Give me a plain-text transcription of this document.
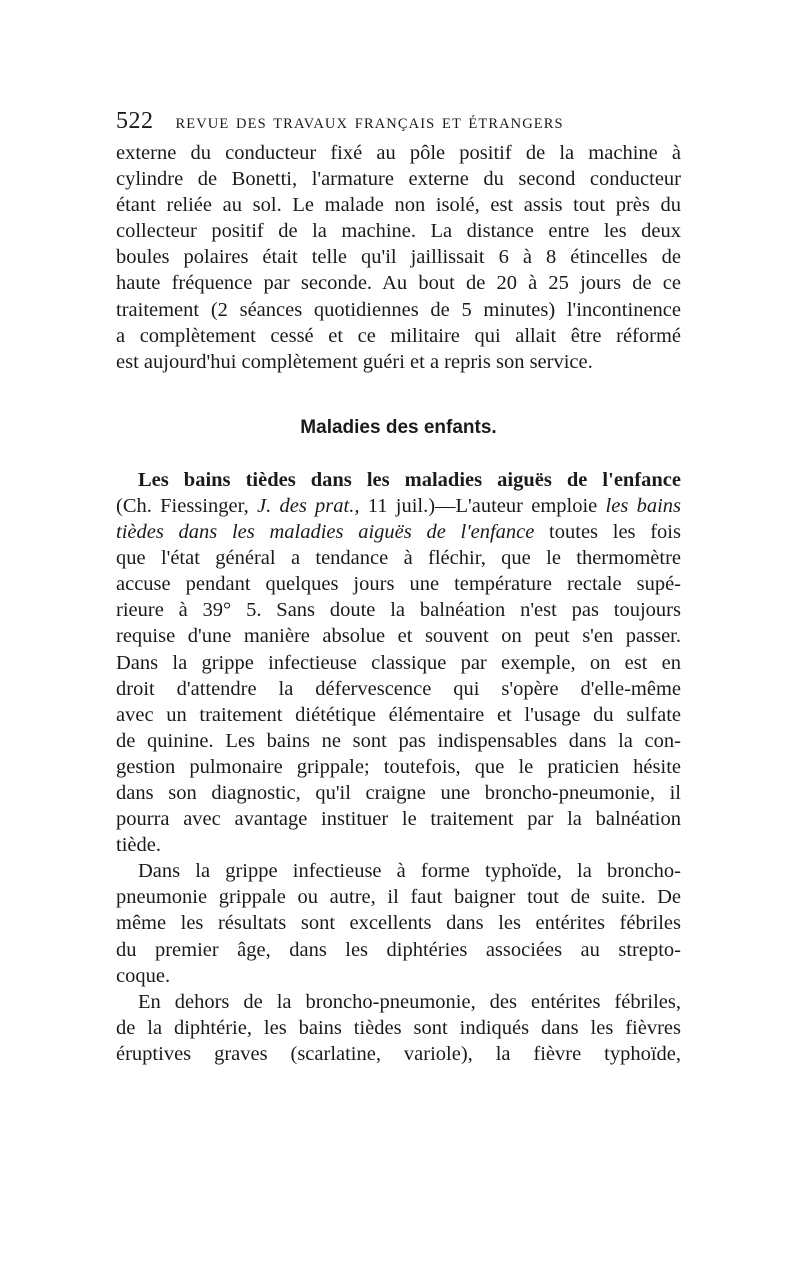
522 REVUE DES TRAVAUX FRANÇAIS ET ÉTRANGERS
externe du conducteur fixé au pôle positif de la machine à
cylindre de Bonetti, l'armature externe du second conducteur
étant reliée au sol. Le malade non isolé, est assis tout près du
collecteur positif de la machine. La distance entre les deux
boules polaires était telle qu'il jaillissait 6 à 8 étincelles de
haute fréquence par seconde. Au bout de 20 à 25 jours de ce
traitement (2 séances quotidiennes de 5 minutes) l'incontinence
a complètement cessé et ce militaire qui allait être réformé
est aujourd'hui complètement guéri et a repris son service.
Maladies des enfants.
Les bains tièdes dans les maladies aiguës de l'enfance
(Ch. Fiessinger, J. des prat., 11 juil.)—L'auteur emploie les bains
tièdes dans les maladies aiguës de l'enfance toutes les fois
que l'état général a tendance à fléchir, que le thermomètre
accuse pendant quelques jours une température rectale supé-
rieure à 39° 5. Sans doute la balnéation n'est pas toujours
requise d'une manière absolue et souvent on peut s'en passer.
Dans la grippe infectieuse classique par exemple, on est en
droit d'attendre la défervescence qui s'opère d'elle-même
avec un traitement diététique élémentaire et l'usage du sulfate
de quinine. Les bains ne sont pas indispensables dans la con-
gestion pulmonaire grippale; toutefois, que le praticien hésite
dans son diagnostic, qu'il craigne une broncho-pneumonie, il
pourra avec avantage instituer le traitement par la balnéation
tiède.
Dans la grippe infectieuse à forme typhoïde, la broncho-
pneumonie grippale ou autre, il faut baigner tout de suite. De
même les résultats sont excellents dans les entérites fébriles
du premier âge, dans les diphtéries associées au strepto-
coque.
En dehors de la broncho-pneumonie, des entérites fébriles,
de la diphtérie, les bains tièdes sont indiqués dans les fièvres
éruptives graves (scarlatine, variole), la fièvre typhoïde,
